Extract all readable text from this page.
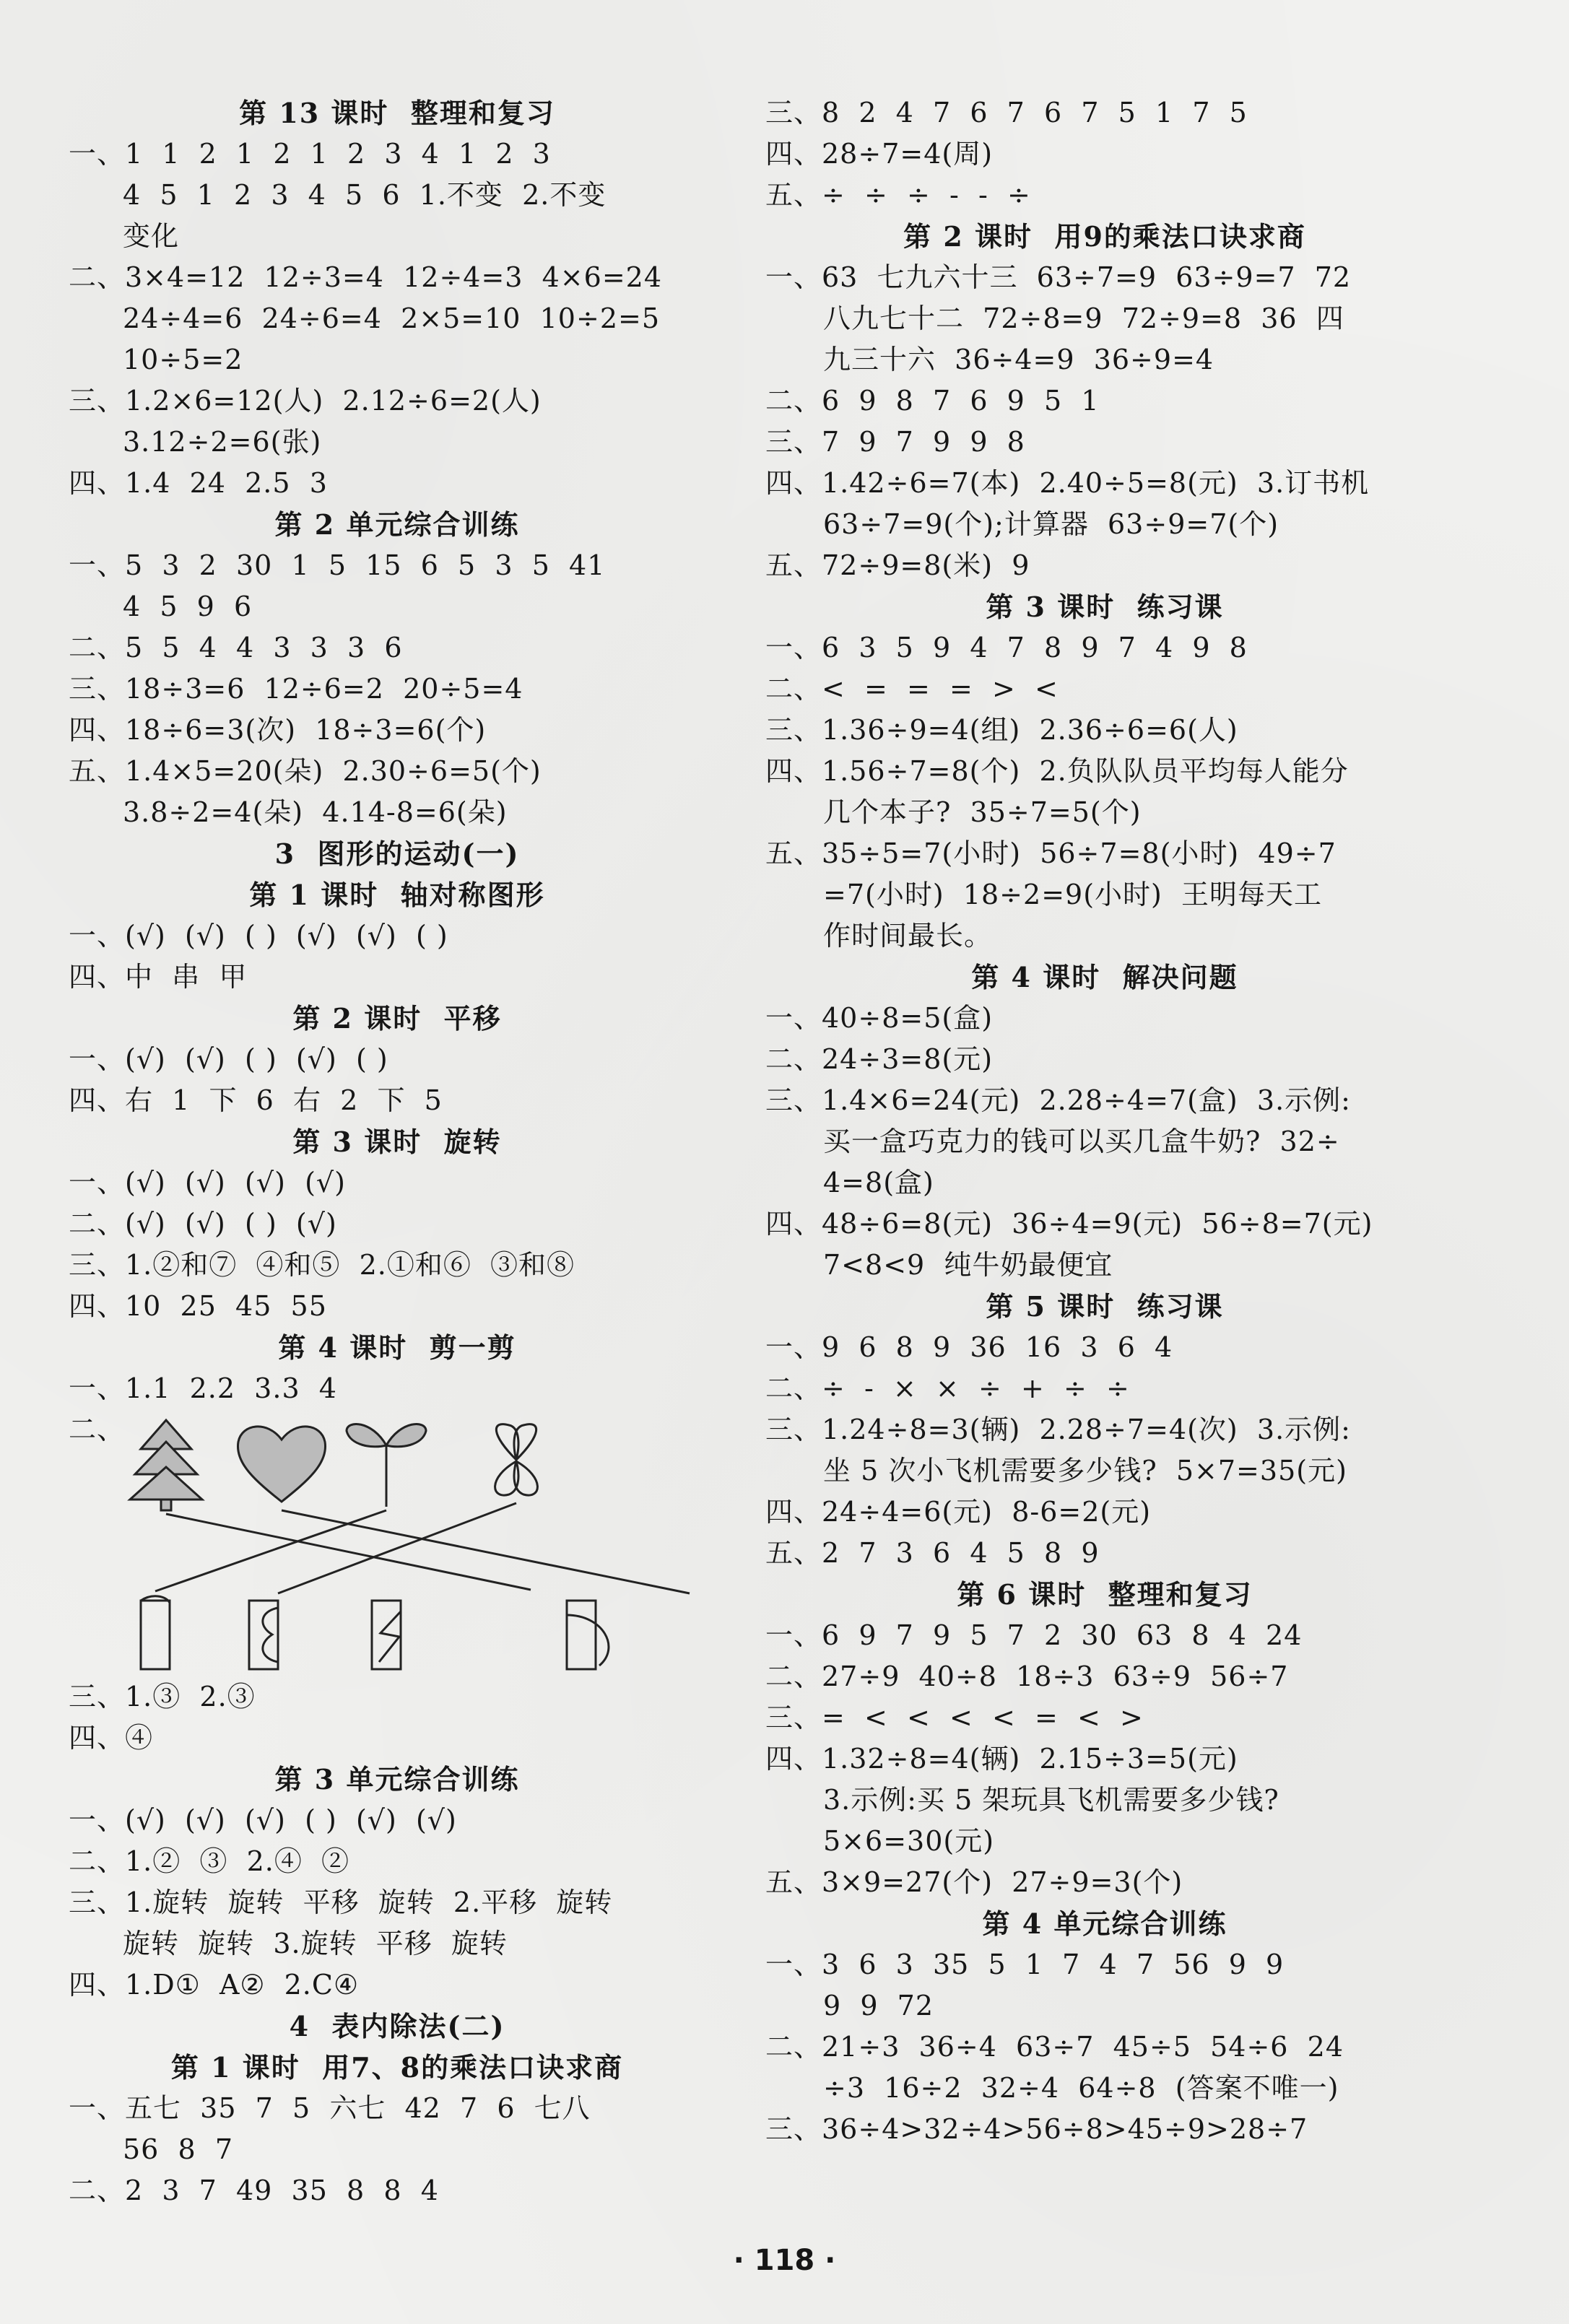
第 13 课时  整理和复习
一、1  1  2  1  2  1  2  3  4  1  2  3
4  5  1  2  3  4  5  6  1.不变  2.不变
变化
二、3×4=12  12÷3=4  12÷4=3  4×6=24
24÷4=6  24÷6=4  2×5=10  10÷2=5
10÷5=2
三、1.2×6=12(人)  2.12÷6=2(人)
3.12÷2=6(张)
四、1.4  24  2.5  3
第 2 单元综合训练
一、5  3  2  30  1  5  15  6  5  3  5  41
4  5  9  6
二、5  5  4  4  3  3  3  6
三、18÷3=6  12÷6=2  20÷5=4
四、18÷6=3(次)  18÷3=6(个)
五、1.4×5=20(朵)  2.30÷6=5(个)
3.8÷2=4(朵)  4.14-8=6(朵)
3  图形的运动(一)
第 1 课时  轴对称图形
一、(√)  (√)  ( )  (√)  (√)  ( )
四、中  串  甲
第 2 课时  平移
一、(√)  (√)  ( )  (√)  ( )
四、右  1  下  6  右  2  下  5
第 3 课时  旋转
一、(√)  (√)  (√)  (√)
二、(√)  (√)  ( )  (√)
三、1.②和⑦  ④和⑤  2.①和⑥  ③和⑧
四、10  25  45  55
第 4 课时  剪一剪
一、1.1  2.2  3.3  4
二、
三、1.③  2.③
四、④
第 3 单元综合训练
一、(√)  (√)  (√)  ( )  (√)  (√)
二、1.②  ③  2.④  ②
三、1.旋转  旋转  平移  旋转  2.平移  旋转
旋转  旋转  3.旋转  平移  旋转
四、1.D①  A②  2.C④
4  表内除法(二)
第 1 课时  用7、8的乘法口诀求商
一、五七  35  7  5  六七  42  7  6  七八
56  8  7
二、2  3  7  49  35  8  8  4
三、8  2  4  7  6  7  6  7  5  1  7  5
四、28÷7=4(周)
五、÷  ÷  ÷  -  -  ÷
第 2 课时  用9的乘法口诀求商
一、63  七九六十三  63÷7=9  63÷9=7  72
八九七十二  72÷8=9  72÷9=8  36  四
九三十六  36÷4=9  36÷9=4
二、6  9  8  7  6  9  5  1
三、7  9  7  9  9  8
四、1.42÷6=7(本)  2.40÷5=8(元)  3.订书机
63÷7=9(个);计算器  63÷9=7(个)
五、72÷9=8(米)  9
第 3 课时  练习课
一、6  3  5  9  4  7  8  9  7  4  9  8
二、<  =  =  =  >  <
三、1.36÷9=4(组)  2.36÷6=6(人)
四、1.56÷7=8(个)  2.负队队员平均每人能分
几个本子?  35÷7=5(个)
五、35÷5=7(小时)  56÷7=8(小时)  49÷7
=7(小时)  18÷2=9(小时)  王明每天工
作时间最长。
第 4 课时  解决问题
一、40÷8=5(盒)
二、24÷3=8(元)
三、1.4×6=24(元)  2.28÷4=7(盒)  3.示例:
买一盒巧克力的钱可以买几盒牛奶?  32÷
4=8(盒)
四、48÷6=8(元)  36÷4=9(元)  56÷8=7(元)
7<8<9  纯牛奶最便宜
第 5 课时  练习课
一、9  6  8  9  36  16  3  6  4
二、÷  -  ×  ×  ÷  +  ÷  ÷
三、1.24÷8=3(辆)  2.28÷7=4(次)  3.示例:
坐 5 次小飞机需要多少钱?  5×7=35(元)
四、24÷4=6(元)  8-6=2(元)
五、2  7  3  6  4  5  8  9
第 6 课时  整理和复习
一、6  9  7  9  5  7  2  30  63  8  4  24
二、27÷9  40÷8  18÷3  63÷9  56÷7
三、=  <  <  <  <  =  <  >
四、1.32÷8=4(辆)  2.15÷3=5(元)
3.示例:买 5 架玩具飞机需要多少钱?
5×6=30(元)
五、3×9=27(个)  27÷9=3(个)
第 4 单元综合训练
一、3  6  3  35  5  1  7  4  7  56  9  9
9  9  72
二、21÷3  36÷4  63÷7  45÷5  54÷6  24
÷3  16÷2  32÷4  64÷8  (答案不唯一)
三、36÷4>32÷4>56÷8>45÷9>28÷7
· 118 ·
